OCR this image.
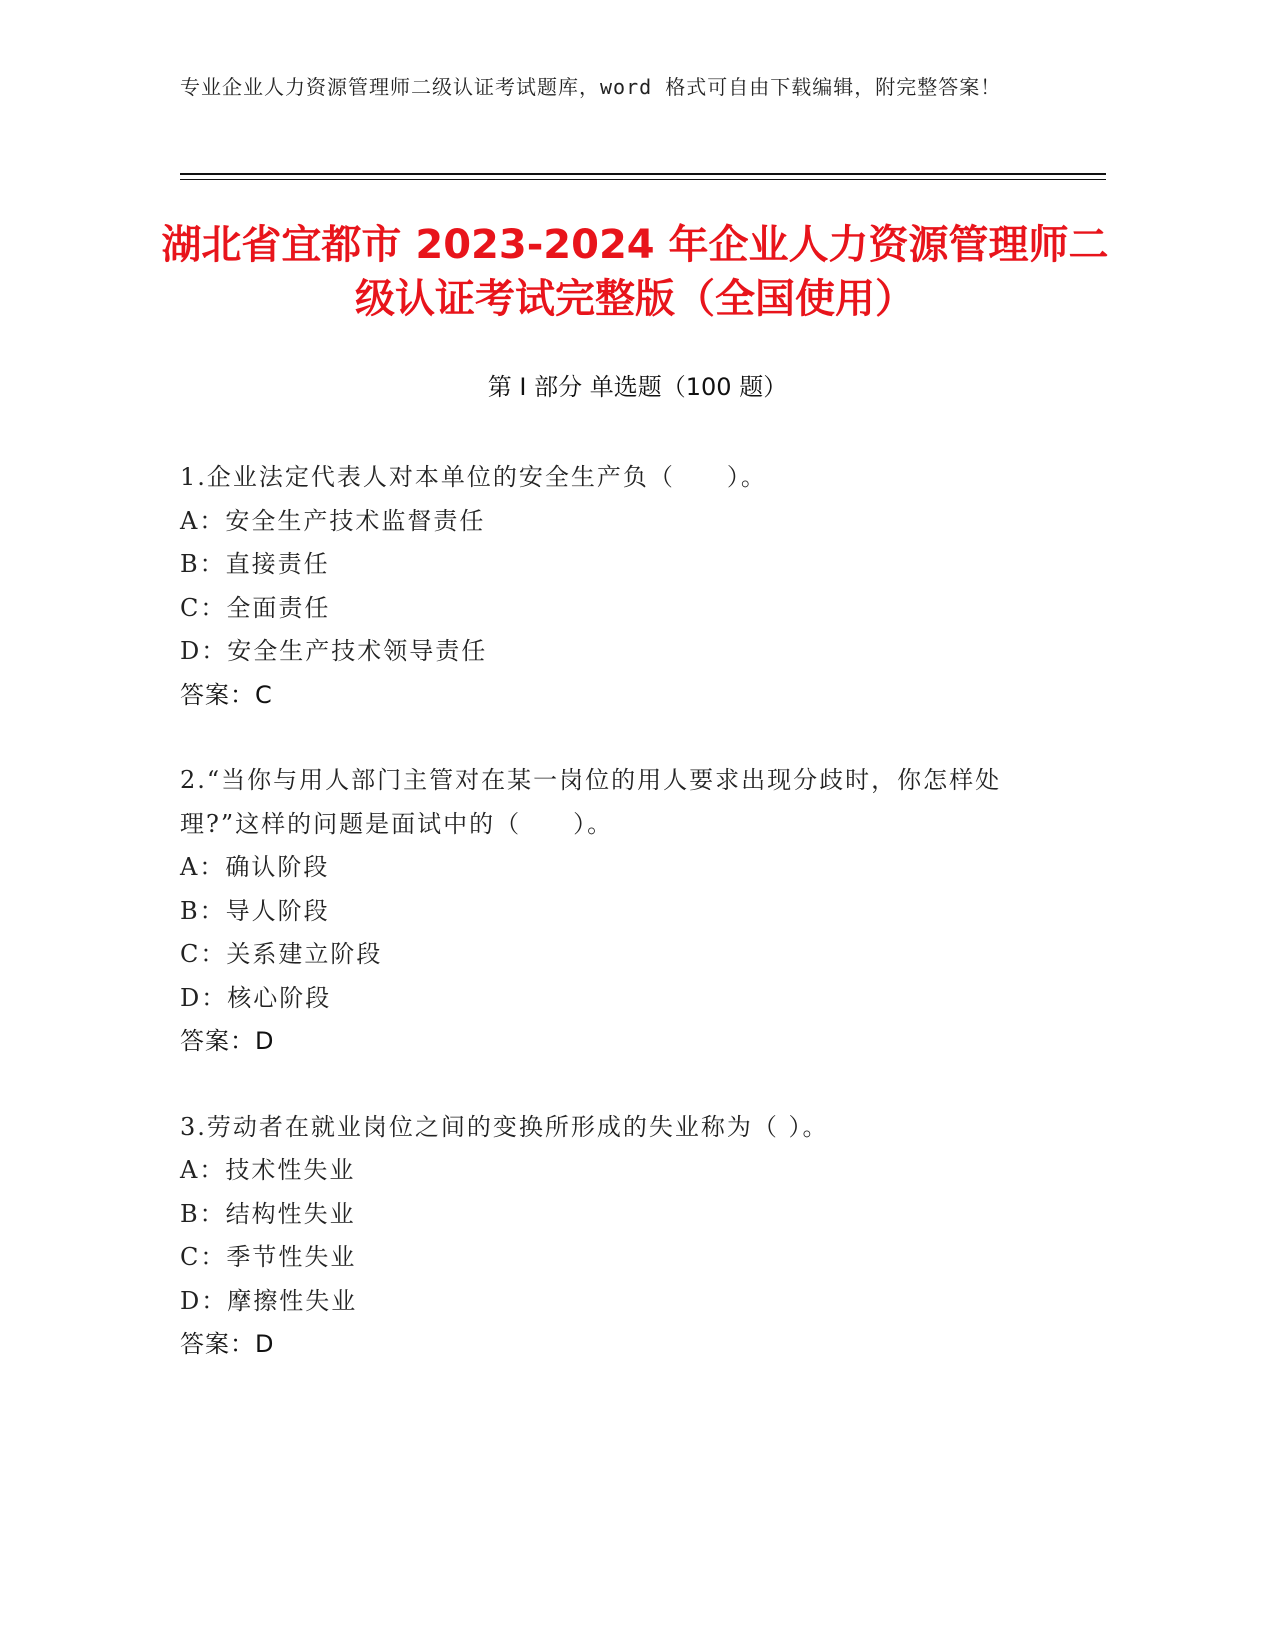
专业企业人力资源管理师二级认证考试题库，word 格式可自由下载编辑，附完整答案！
湖北省宜都市 2023-2024 年企业人力资源管理师二级认证考试完整版（全国使用）
第 I 部分 单选题（100 题）

1.企业法定代表人对本单位的安全生产负（　　）。

A：安全生产技术监督责任

B：直接责任

C：全面责任

D：安全生产技术领导责任

答案：C

2.“当你与用人部门主管对在某一岗位的用人要求出现分歧时，你怎样处理?”这样的问题是面试中的（　　）。

A：确认阶段

B：导人阶段

C：关系建立阶段

D：核心阶段

答案：D

3.劳动者在就业岗位之间的变换所形成的失业称为（ ）。

A：技术性失业

B：结构性失业

C：季节性失业

D：摩擦性失业

答案：D
